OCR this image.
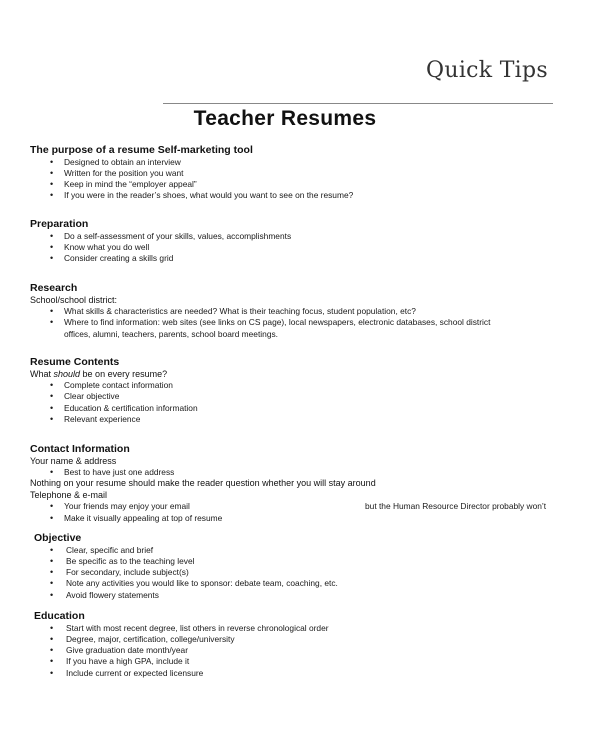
Quick Tips
Teacher Resumes
The purpose of a resume Self-marketing tool
• Designed to obtain an interview
• Written for the position you want
• Keep in mind the “employer appeal”
• If you were in the reader’s shoes, what would you want to see on the resume?
Preparation
• Do a self-assessment of your skills, values, accomplishments
• Know what you do well
• Consider creating a skills grid
Research
School/school district:
• What skills & characteristics are needed? What is their teaching focus, student population, etc?
• Where to find information: web sites (see links on CS page), local newspapers, electronic databases, school district offices, alumni, teachers, parents, school board meetings.
Resume Contents
What should be on every resume?
• Complete contact information
• Clear objective
• Education & certification information
• Relevant experience
Contact Information
Your name & address
• Best to have just one address
Nothing on your resume should make the reader question whether you will stay around
Telephone & e-mail
• Your friends may enjoy your email	but the Human Resource Director probably won’t
• Make it visually appealing at top of resume
Objective
• Clear, specific and brief
• Be specific as to the teaching level
• For secondary, include subject(s)
• Note any activities you would like to sponsor: debate team, coaching, etc.
• Avoid flowery statements
Education
• Start with most recent degree, list others in reverse chronological order
• Degree, major, certification, college/university
• Give graduation date month/year
• If you have a high GPA, include it
• Include current or expected licensure
